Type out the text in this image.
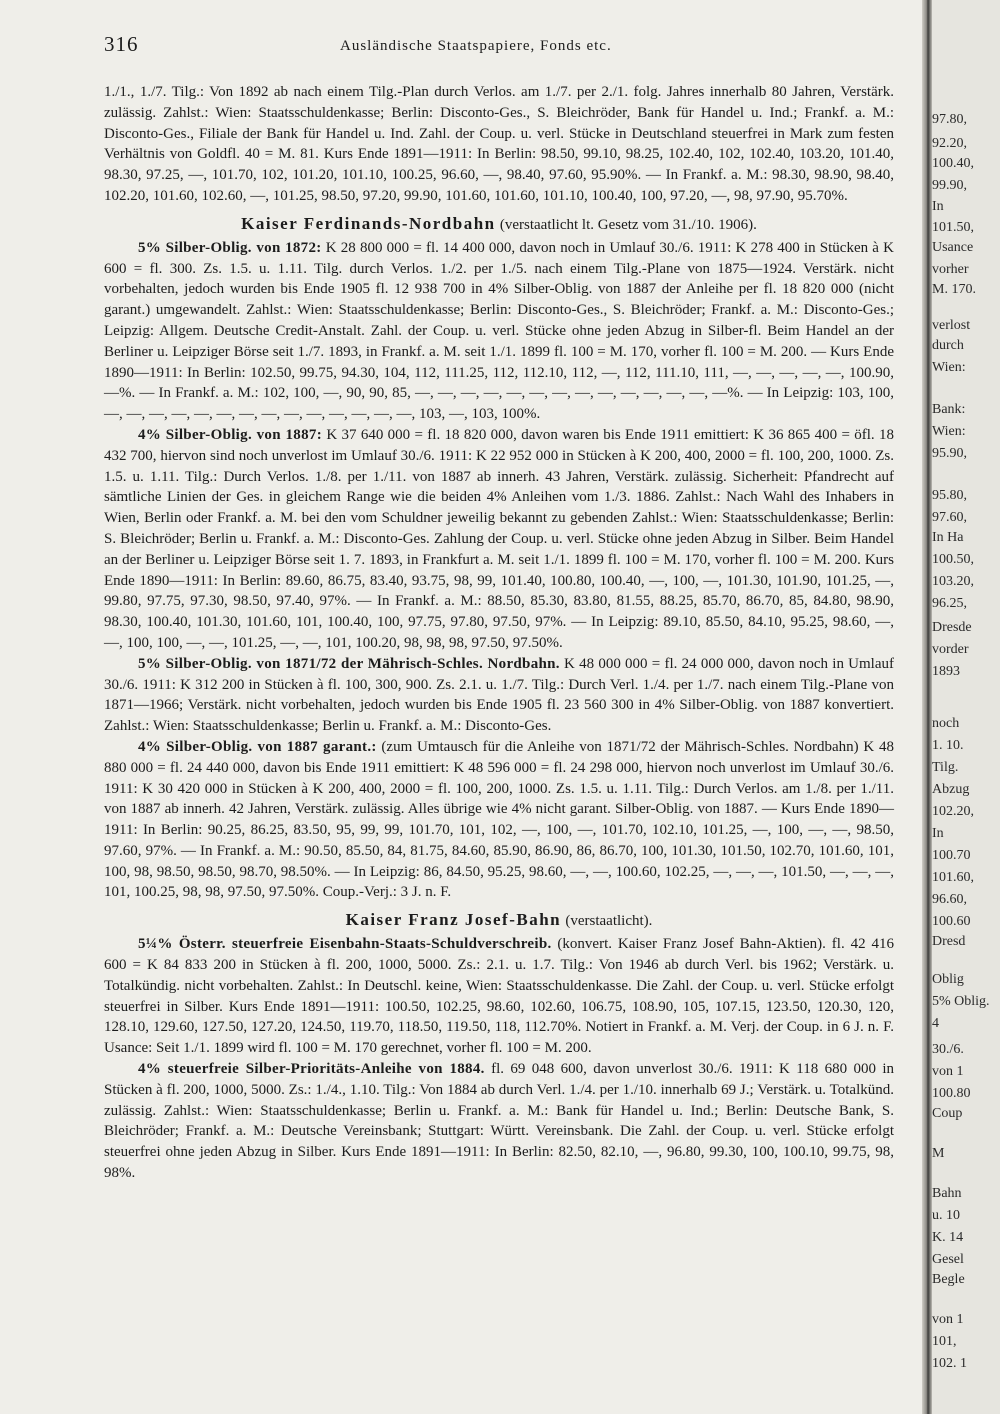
316	Ausländische Staatspapiere, Fonds etc.

1./1., 1./7. Tilg.: Von 1892 ab nach einem Tilg.-Plan durch Verlos. am 1./7. per 2./1. folg. Jahres innerhalb 80 Jahren, Verstärk. zulässig. Zahlst.: Wien: Staatsschuldenkasse; Berlin: Disconto-Ges., S. Bleichröder, Bank für Handel u. Ind.; Frankf. a. M.: Disconto-Ges., Filiale der Bank für Handel u. Ind. Zahl. der Coup. u. verl. Stücke in Deutschland steuerfrei in Mark zum festen Verhältnis von Goldfl. 40 = M. 81. Kurs Ende 1891—1911: In Berlin: 98.50, 99.10, 98.25, 102.40, 102, 102.40, 103.20, 101.40, 98.30, 97.25, —, 101.70, 102, 101.20, 101.10, 100.25, 96.60, —, 98.40, 97.60, 95.90%. — In Frankf. a. M.: 98.30, 98.90, 98.40, 102.20, 101.60, 102.60, —, 101.25, 98.50, 97.20, 99.90, 101.60, 101.60, 101.10, 100.40, 100, 97.20, —, 98, 97.90, 95.70%.

Kaiser Ferdinands-Nordbahn (verstaatlicht lt. Gesetz vom 31./10. 1906).

5% Silber-Oblig. von 1872: K 28 800 000 = fl. 14 400 000, davon noch in Umlauf 30./6. 1911: K 278 400 in Stücken à K 600 = fl. 300. Zs. 1.5. u. 1.11. Tilg. durch Verlos. 1./2. per 1./5. nach einem Tilg.-Plane von 1875—1924. Verstärk. nicht vorbehalten, jedoch wurden bis Ende 1905 fl. 12 938 700 in 4% Silber-Oblig. von 1887 der Anleihe per fl. 18 820 000 (nicht garant.) umgewandelt. Zahlst.: Wien: Staatsschuldenkasse; Berlin: Disconto-Ges., S. Bleichröder; Frankf. a. M.: Disconto-Ges.; Leipzig: Allgem. Deutsche Credit-Anstalt. Zahl. der Coup. u. verl. Stücke ohne jeden Abzug in Silber-fl. Beim Handel an der Berliner u. Leipziger Börse seit 1./7. 1893, in Frankf. a. M. seit 1./1. 1899 fl. 100 = M. 170, vorher fl. 100 = M. 200. — Kurs Ende 1890—1911: In Berlin: 102.50, 99.75, 94.30, 104, 112, 111.25, 112, 112.10, 112, —, 112, 111.10, 111, —, —, —, —, —, 100.90, —%. — In Frankf. a. M.: 102, 100, —, 90, 90, 85, —, —, —, —, —, —, —, —, —, —, —, —, —, —%. — In Leipzig: 103, 100, —, —, —, —, —, —, —, —, —, —, —, —, —, —, 103, —, 103, 100%.

4% Silber-Oblig. von 1887: K 37 640 000 = fl. 18 820 000, davon waren bis Ende 1911 emittiert: K 36 865 400 = öfl. 18 432 700, hiervon sind noch unverlost im Umlauf 30./6. 1911: K 22 952 000 in Stücken à K 200, 400, 2000 = fl. 100, 200, 1000. Zs. 1.5. u. 1.11. Tilg.: Durch Verlos. 1./8. per 1./11. von 1887 ab innerh. 43 Jahren, Verstärk. zulässig. Sicherheit: Pfandrecht auf sämtliche Linien der Ges. in gleichem Range wie die beiden 4% Anleihen vom 1./3. 1886. Zahlst.: Nach Wahl des Inhabers in Wien, Berlin oder Frankf. a. M. bei den vom Schuldner jeweilig bekannt zu gebenden Zahlst.: Wien: Staatsschuldenkasse; Berlin: S. Bleichröder; Berlin u. Frankf. a. M.: Disconto-Ges. Zahlung der Coup. u. verl. Stücke ohne jeden Abzug in Silber. Beim Handel an der Berliner u. Leipziger Börse seit 1. 7. 1893, in Frankfurt a. M. seit 1./1. 1899 fl. 100 = M. 170, vorher fl. 100 = M. 200. Kurs Ende 1890—1911: In Berlin: 89.60, 86.75, 83.40, 93.75, 98, 99, 101.40, 100.80, 100.40, —, 100, —, 101.30, 101.90, 101.25, —, 99.80, 97.75, 97.30, 98.50, 97.40, 97%. — In Frankf. a. M.: 88.50, 85.30, 83.80, 81.55, 88.25, 85.70, 86.70, 85, 84.80, 98.90, 98.30, 100.40, 101.30, 101.60, 101, 100.40, 100, 97.75, 97.80, 97.50, 97%. — In Leipzig: 89.10, 85.50, 84.10, 95.25, 98.60, —, —, 100, 100, —, —, 101.25, —, —, 101, 100.20, 98, 98, 98, 97.50, 97.50%.

5% Silber-Oblig. von 1871/72 der Mährisch-Schles. Nordbahn. K 48 000 000 = fl. 24 000 000, davon noch in Umlauf 30./6. 1911: K 312 200 in Stücken à fl. 100, 300, 900. Zs. 2.1. u. 1./7. Tilg.: Durch Verl. 1./4. per 1./7. nach einem Tilg.-Plane von 1871—1966; Verstärk. nicht vorbehalten, jedoch wurden bis Ende 1905 fl. 23 560 300 in 4% Silber-Oblig. von 1887 konvertiert. Zahlst.: Wien: Staatsschuldenkasse; Berlin u. Frankf. a. M.: Disconto-Ges.

4% Silber-Oblig. von 1887 garant.: (zum Umtausch für die Anleihe von 1871/72 der Mährisch-Schles. Nordbahn) K 48 880 000 = fl. 24 440 000, davon bis Ende 1911 emittiert: K 48 596 000 = fl. 24 298 000, hiervon noch unverlost im Umlauf 30./6. 1911: K 30 420 000 in Stücken à K 200, 400, 2000 = fl. 100, 200, 1000. Zs. 1.5. u. 1.11. Tilg.: Durch Verlos. am 1./8. per 1./11. von 1887 ab innerh. 42 Jahren, Verstärk. zulässig. Alles übrige wie 4% nicht garant. Silber-Oblig. von 1887. — Kurs Ende 1890—1911: In Berlin: 90.25, 86.25, 83.50, 95, 99, 99, 101.70, 101, 102, —, 100, —, 101.70, 102.10, 101.25, —, 100, —, —, 98.50, 97.60, 97%. — In Frankf. a. M.: 90.50, 85.50, 84, 81.75, 84.60, 85.90, 86.90, 86, 86.70, 100, 101.30, 101.50, 102.70, 101.60, 101, 100, 98, 98.50, 98.50, 98.70, 98.50%. — In Leipzig: 86, 84.50, 95.25, 98.60, —, —, 100.60, 102.25, —, —, —, 101.50, —, —, —, 101, 100.25, 98, 98, 97.50, 97.50%. Coup.-Verj.: 3 J. n. F.

Kaiser Franz Josef-Bahn (verstaatlicht).

5¼% Österr. steuerfreie Eisenbahn-Staats-Schuldverschreib. (konvert. Kaiser Franz Josef Bahn-Aktien). fl. 42 416 600 = K 84 833 200 in Stücken à fl. 200, 1000, 5000. Zs.: 2.1. u. 1.7. Tilg.: Von 1946 ab durch Verl. bis 1962; Verstärk. u. Totalkündig. nicht vorbehalten. Zahlst.: In Deutschl. keine, Wien: Staatsschuldenkasse. Die Zahl. der Coup. u. verl. Stücke erfolgt steuerfrei in Silber. Kurs Ende 1891—1911: 100.50, 102.25, 98.60, 102.60, 106.75, 108.90, 105, 107.15, 123.50, 120.30, 120, 128.10, 129.60, 127.50, 127.20, 124.50, 119.70, 118.50, 119.50, 118, 112.70%. Notiert in Frankf. a. M. Verj. der Coup. in 6 J. n. F. Usance: Seit 1./1. 1899 wird fl. 100 = M. 170 gerechnet, vorher fl. 100 = M. 200.

4% steuerfreie Silber-Prioritäts-Anleihe von 1884. fl. 69 048 600, davon unverlost 30./6. 1911: K 118 680 000 in Stücken à fl. 200, 1000, 5000. Zs.: 1./4., 1.10. Tilg.: Von 1884 ab durch Verl. 1./4. per 1./10. innerhalb 69 J.; Verstärk. u. Totalkünd. zulässig. Zahlst.: Wien: Staatsschuldenkasse; Berlin u. Frankf. a. M.: Bank für Handel u. Ind.; Berlin: Deutsche Bank, S. Bleichröder; Frankf. a. M.: Deutsche Vereinsbank; Stuttgart: Württ. Vereinsbank. Die Zahl. der Coup. u. verl. Stücke erfolgt steuerfrei ohne jeden Abzug in Silber. Kurs Ende 1891—1911: In Berlin: 82.50, 82.10, —, 96.80, 99.30, 100, 100.10, 99.75, 98, 98%.

97.80,
92.20,
100.40,
99.90,
In
101.50,
Usance
vorher
M. 170.
verlost
durch
Wien:
Bank:
Wien:
95.90,
95.80,
97.60,
In Ha
100.50,
103.20,
96.25,
Dresde
vorder
1893
noch
1. 10.
Tilg.
Abzug
102.20,
In
100.70
101.60,
96.60,
100.60
Dresd
Oblig
5% Oblig.
4
30./6.
von 1
100.80
Coup
M
Bahn
u. 10
K. 14
Gesel
Begle
von 1
101,
102. 1
